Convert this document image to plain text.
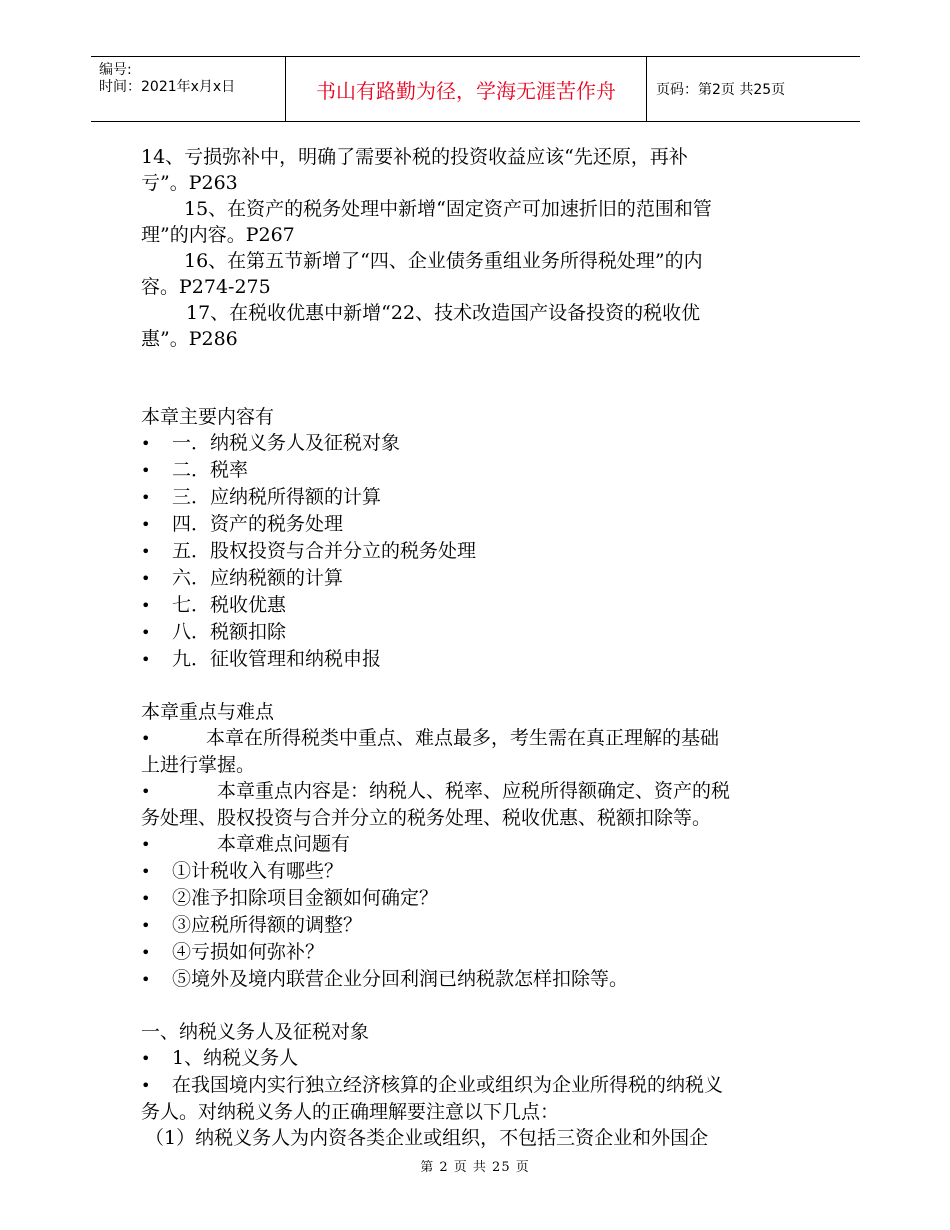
编号:
时间：2021年x月x日	书山有路勤为径，学海无涯苦作舟	页码：第2页 共25页
14、亏损弥补中，明确了需要补税的投资收益应该“先还原，再补
亏”。P263
15、在资产的税务处理中新增“固定资产可加速折旧的范围和管
理”的内容。P267
16、在第五节新增了“四、企业债务重组业务所得税处理”的内
容。P274-275
17、在税收优惠中新增“22、技术改造国产设备投资的税收优
惠”。P286
本章主要内容有
•	一．纳税义务人及征税对象
•	二．税率
•	三．应纳税所得额的计算
•	四．资产的税务处理
•	五．股权投资与合并分立的税务处理
•	六．应纳税额的计算
•	七．税收优惠
•	八．税额扣除
•	九．征收管理和纳税申报
本章重点与难点
•	本章在所得税类中重点、难点最多，考生需在真正理解的基础
上进行掌握。
•	本章重点内容是：纳税人、税率、应税所得额确定、资产的税
务处理、股权投资与合并分立的税务处理、税收优惠、税额扣除等。
•	本章难点问题有
•	①计税收入有哪些？
•	②准予扣除项目金额如何确定？
•	③应税所得额的调整？
•	④亏损如何弥补？
•	⑤境外及境内联营企业分回利润已纳税款怎样扣除等。
一、纳税义务人及征税对象
•	1、纳税义务人
•	在我国境内实行独立经济核算的企业或组织为企业所得税的纳税义
务人。对纳税义务人的正确理解要注意以下几点：
（1）纳税义务人为内资各类企业或组织，不包括三资企业和外国企
第 2 页 共 25 页
